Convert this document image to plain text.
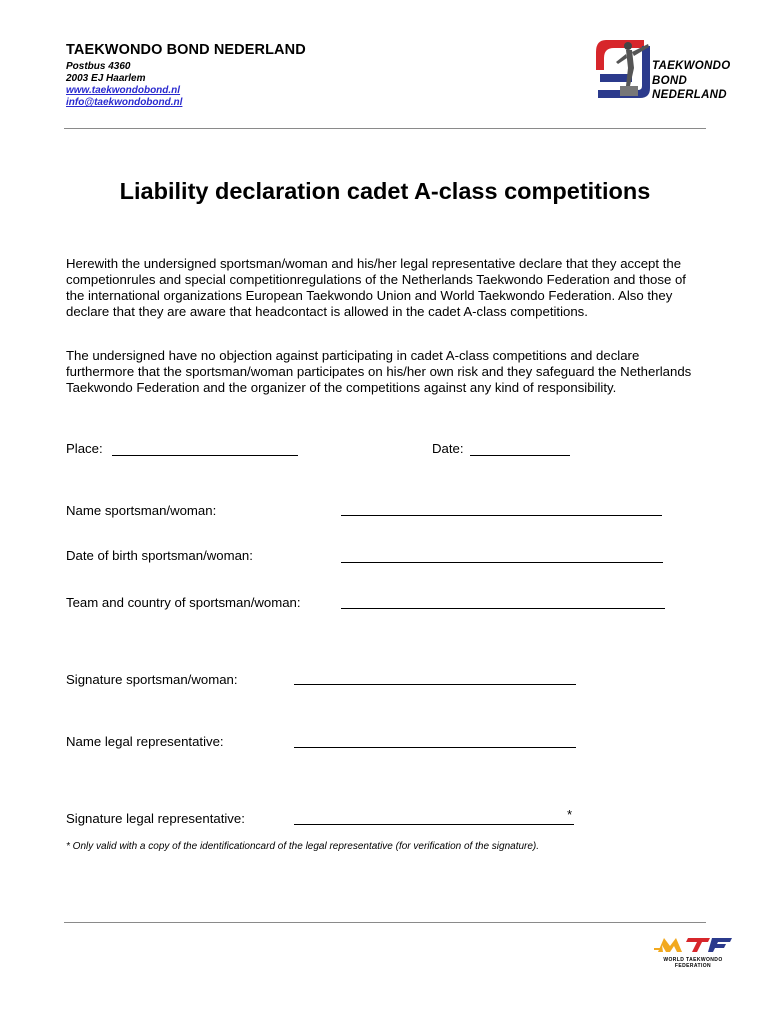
TAEKWONDO BOND NEDERLAND
Postbus 4360
2003 EJ Haarlem
www.taekwondobond.nl
info@taekwondobond.nl
TAEKWONDO
BOND
NEDERLAND
Liability declaration cadet A-class competitions
Herewith the undersigned sportsman/woman and his/her legal representative declare that they accept the competionrules and special competitionregulations of the Netherlands Taekwondo Federation and those of the international organizations European Taekwondo Union and World Taekwondo Federation. Also they declare that they are aware that headcontact is allowed in the cadet A-class competitions.
The undersigned have no objection against participating in cadet A-class competitions and declare furthermore that the sportsman/woman participates on his/her own risk and they safeguard the Netherlands Taekwondo Federation and the organizer of the competitions against any kind of responsibility.
Place:	Date:
Name sportsman/woman:
Date of birth sportsman/woman:
Team and country of sportsman/woman:
Signature sportsman/woman:
Name legal representative:
Signature legal representative:	*
* Only valid with a copy of the identificationcard of the legal representative (for verification of the signature).
WORLD TAEKWONDO FEDERATION
